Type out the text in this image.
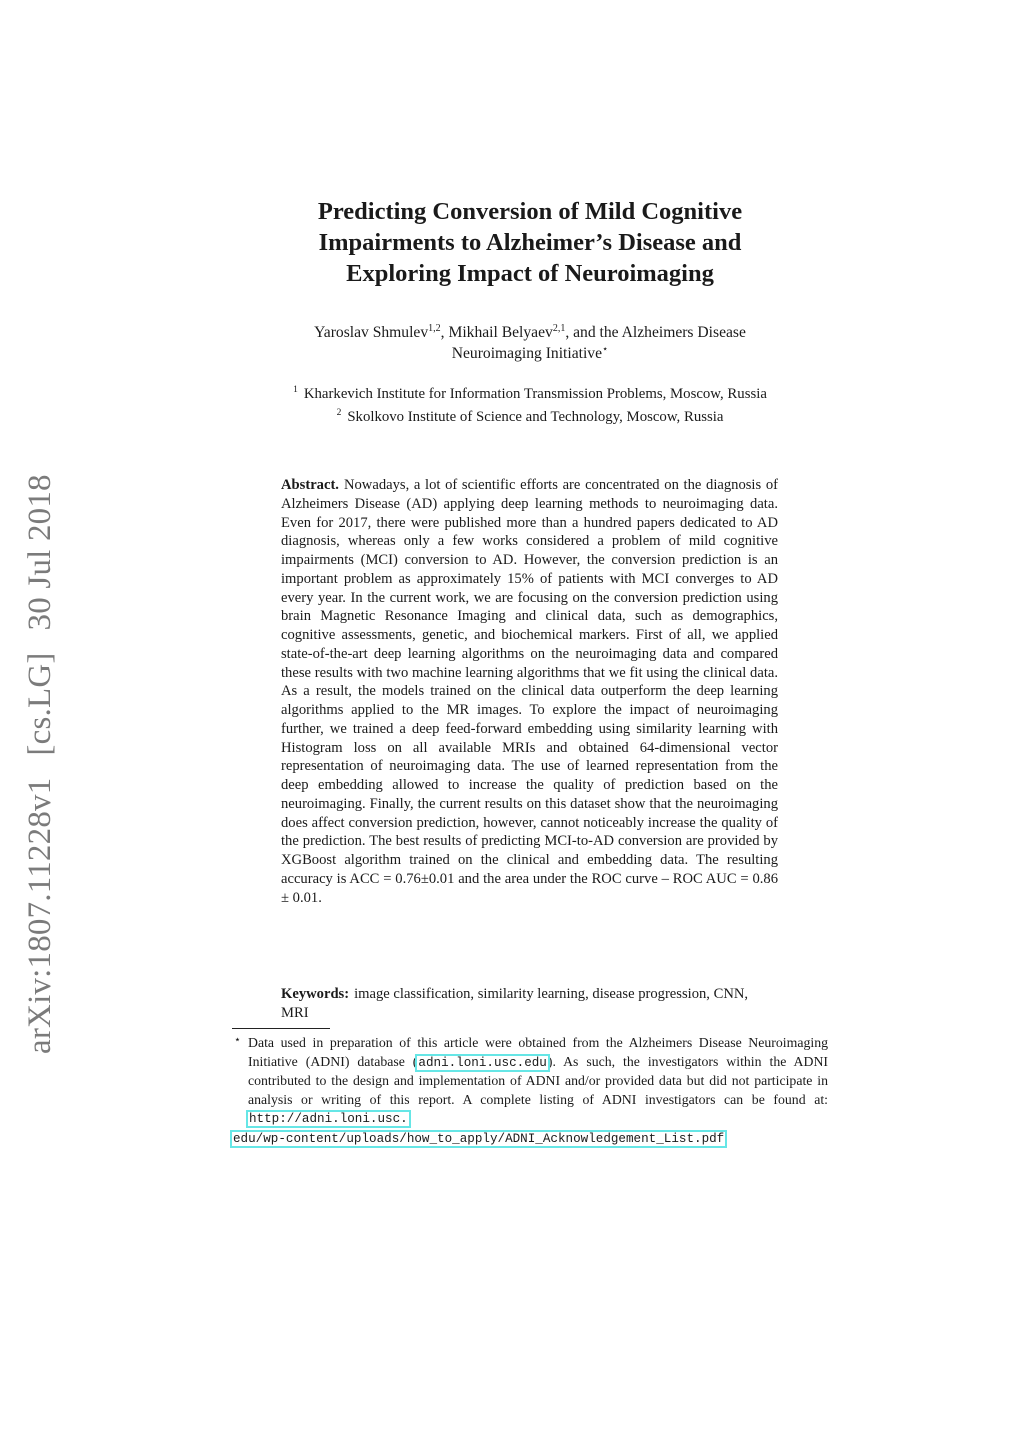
arXiv:1807.11228v1[cs.LG]30 Jul 2018
Predicting Conversion of Mild Cognitive
Impairments to Alzheimer’s Disease and
Exploring Impact of Neuroimaging
Yaroslav Shmulev$^{1,2}$, Mikhail Belyaev$^{2,1}$, and the Alzheimers Disease
Neuroimaging Initiative⋆
$^1$ Kharkevich Institute for Information Transmission Problems, Moscow, Russia
$^2$ Skolkovo Institute of Science and Technology, Moscow, Russia
Abstract. Nowadays, a lot of scientific efforts are concentrated on the diagnosis of Alzheimers Disease (AD) applying deep learning methods to neuroimaging data. Even for 2017, there were published more than a hundred papers dedicated to AD diagnosis, whereas only a few works considered a problem of mild cognitive impairments (MCI) conversion to AD. However, the conversion prediction is an important problem as approximately 15% of patients with MCI converges to AD every year. In the current work, we are focusing on the conversion prediction using brain Magnetic Resonance Imaging and clinical data, such as demographics, cognitive assessments, genetic, and biochemical markers. First of all, we applied state-of-the-art deep learning algorithms on the neuroimaging data and compared these results with two machine learning algorithms that we fit using the clinical data. As a result, the models trained on the clinical data outperform the deep learning algorithms applied to the MR images. To explore the impact of neuroimaging further, we trained a deep feed-forward embedding using similarity learning with Histogram loss on all available MRIs and obtained 64-dimensional vector representation of neuroimaging data. The use of learned representation from the deep embedding allowed to increase the quality of prediction based on the neuroimaging. Finally, the current results on this dataset show that the neuroimaging does affect conversion prediction, however, cannot noticeably increase the quality of the prediction. The best results of predicting MCI-to-AD conversion are provided by XGBoost algorithm trained on the clinical and embedding data. The resulting accuracy is ACC = 0.76±0.01 and the area under the ROC curve – ROC AUC = 0.86 ± 0.01.
Keywords: image classification, similarity learning, disease progression, CNN, MRI
⋆ Data used in preparation of this article were obtained from the Alzheimers Disease Neuroimaging Initiative (ADNI) database (adni.loni.usc.edu). As such, the investigators within the ADNI contributed to the design and implementation of ADNI and/or provided data but did not participate in analysis or writing of this report. A complete listing of ADNI investigators can be found at: http://adni.loni.usc.
edu/wp-content/uploads/how_to_apply/ADNI_Acknowledgement_List.pdf
